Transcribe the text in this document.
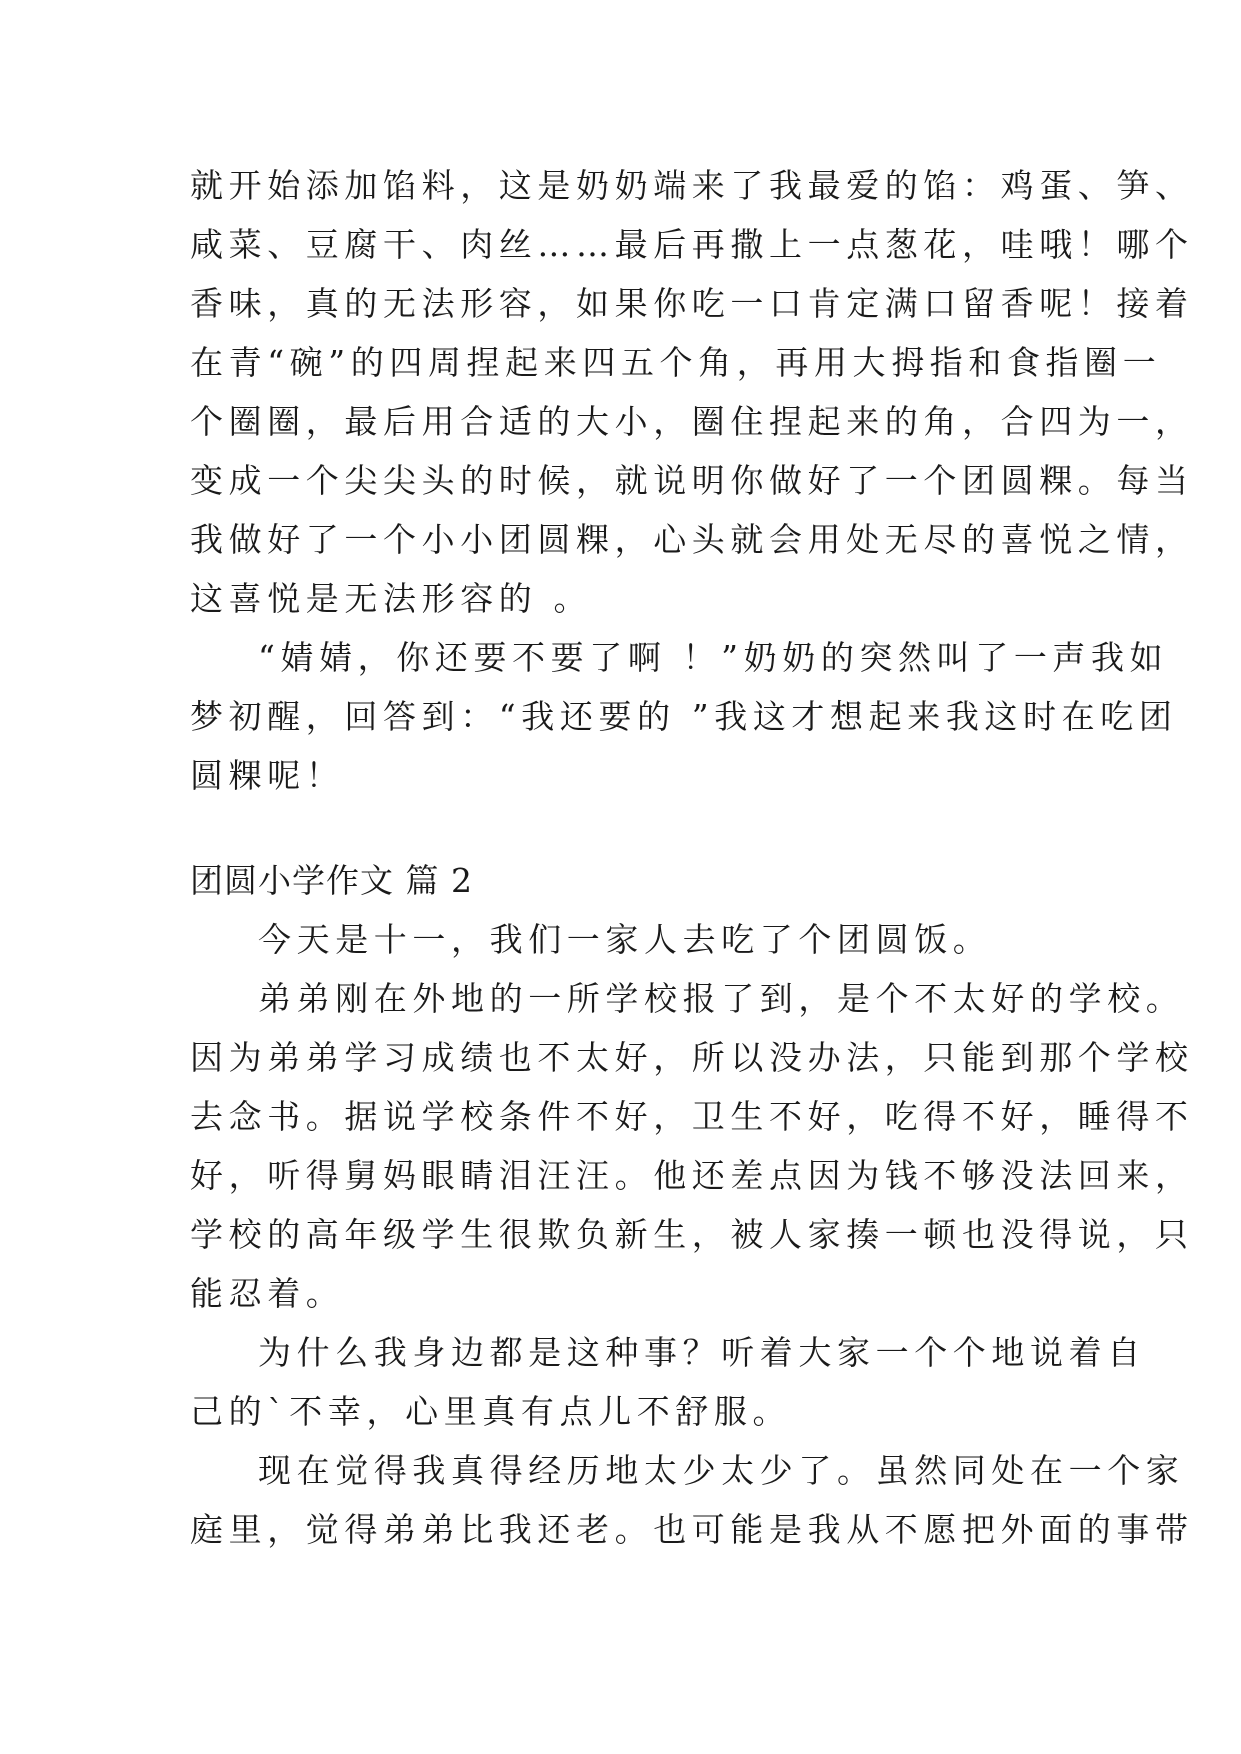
就开始添加馅料，这是奶奶端来了我最爱的馅：鸡蛋、笋、
咸菜、豆腐干、肉丝……最后再撒上一点葱花，哇哦！哪个
香味，真的无法形容，如果你吃一口肯定满口留香呢！接着
在青“碗”的四周捏起来四五个角，再用大拇指和食指圈一
个圈圈，最后用合适的大小，圈住捏起来的角，合四为一，
变成一个尖尖头的时候，就说明你做好了一个团圆粿。每当
我做好了一个小小团圆粿，心头就会用处无尽的喜悦之情，
这喜悦是无法形容的 。
“婧婧，你还要不要了啊 ！”奶奶的突然叫了一声我如
梦初醒，回答到：“我还要的 ”我这才想起来我这时在吃团
圆粿呢！
团圆小学作文 篇 2
今天是十一，我们一家人去吃了个团圆饭。
弟弟刚在外地的一所学校报了到，是个不太好的学校。
因为弟弟学习成绩也不太好，所以没办法，只能到那个学校
去念书。据说学校条件不好，卫生不好，吃得不好，睡得不
好，听得舅妈眼睛泪汪汪。他还差点因为钱不够没法回来，
学校的高年级学生很欺负新生，被人家揍一顿也没得说，只
能忍着。
为什么我身边都是这种事？听着大家一个个地说着自
己的`不幸，心里真有点儿不舒服。
现在觉得我真得经历地太少太少了。虽然同处在一个家
庭里，觉得弟弟比我还老。也可能是我从不愿把外面的事带
